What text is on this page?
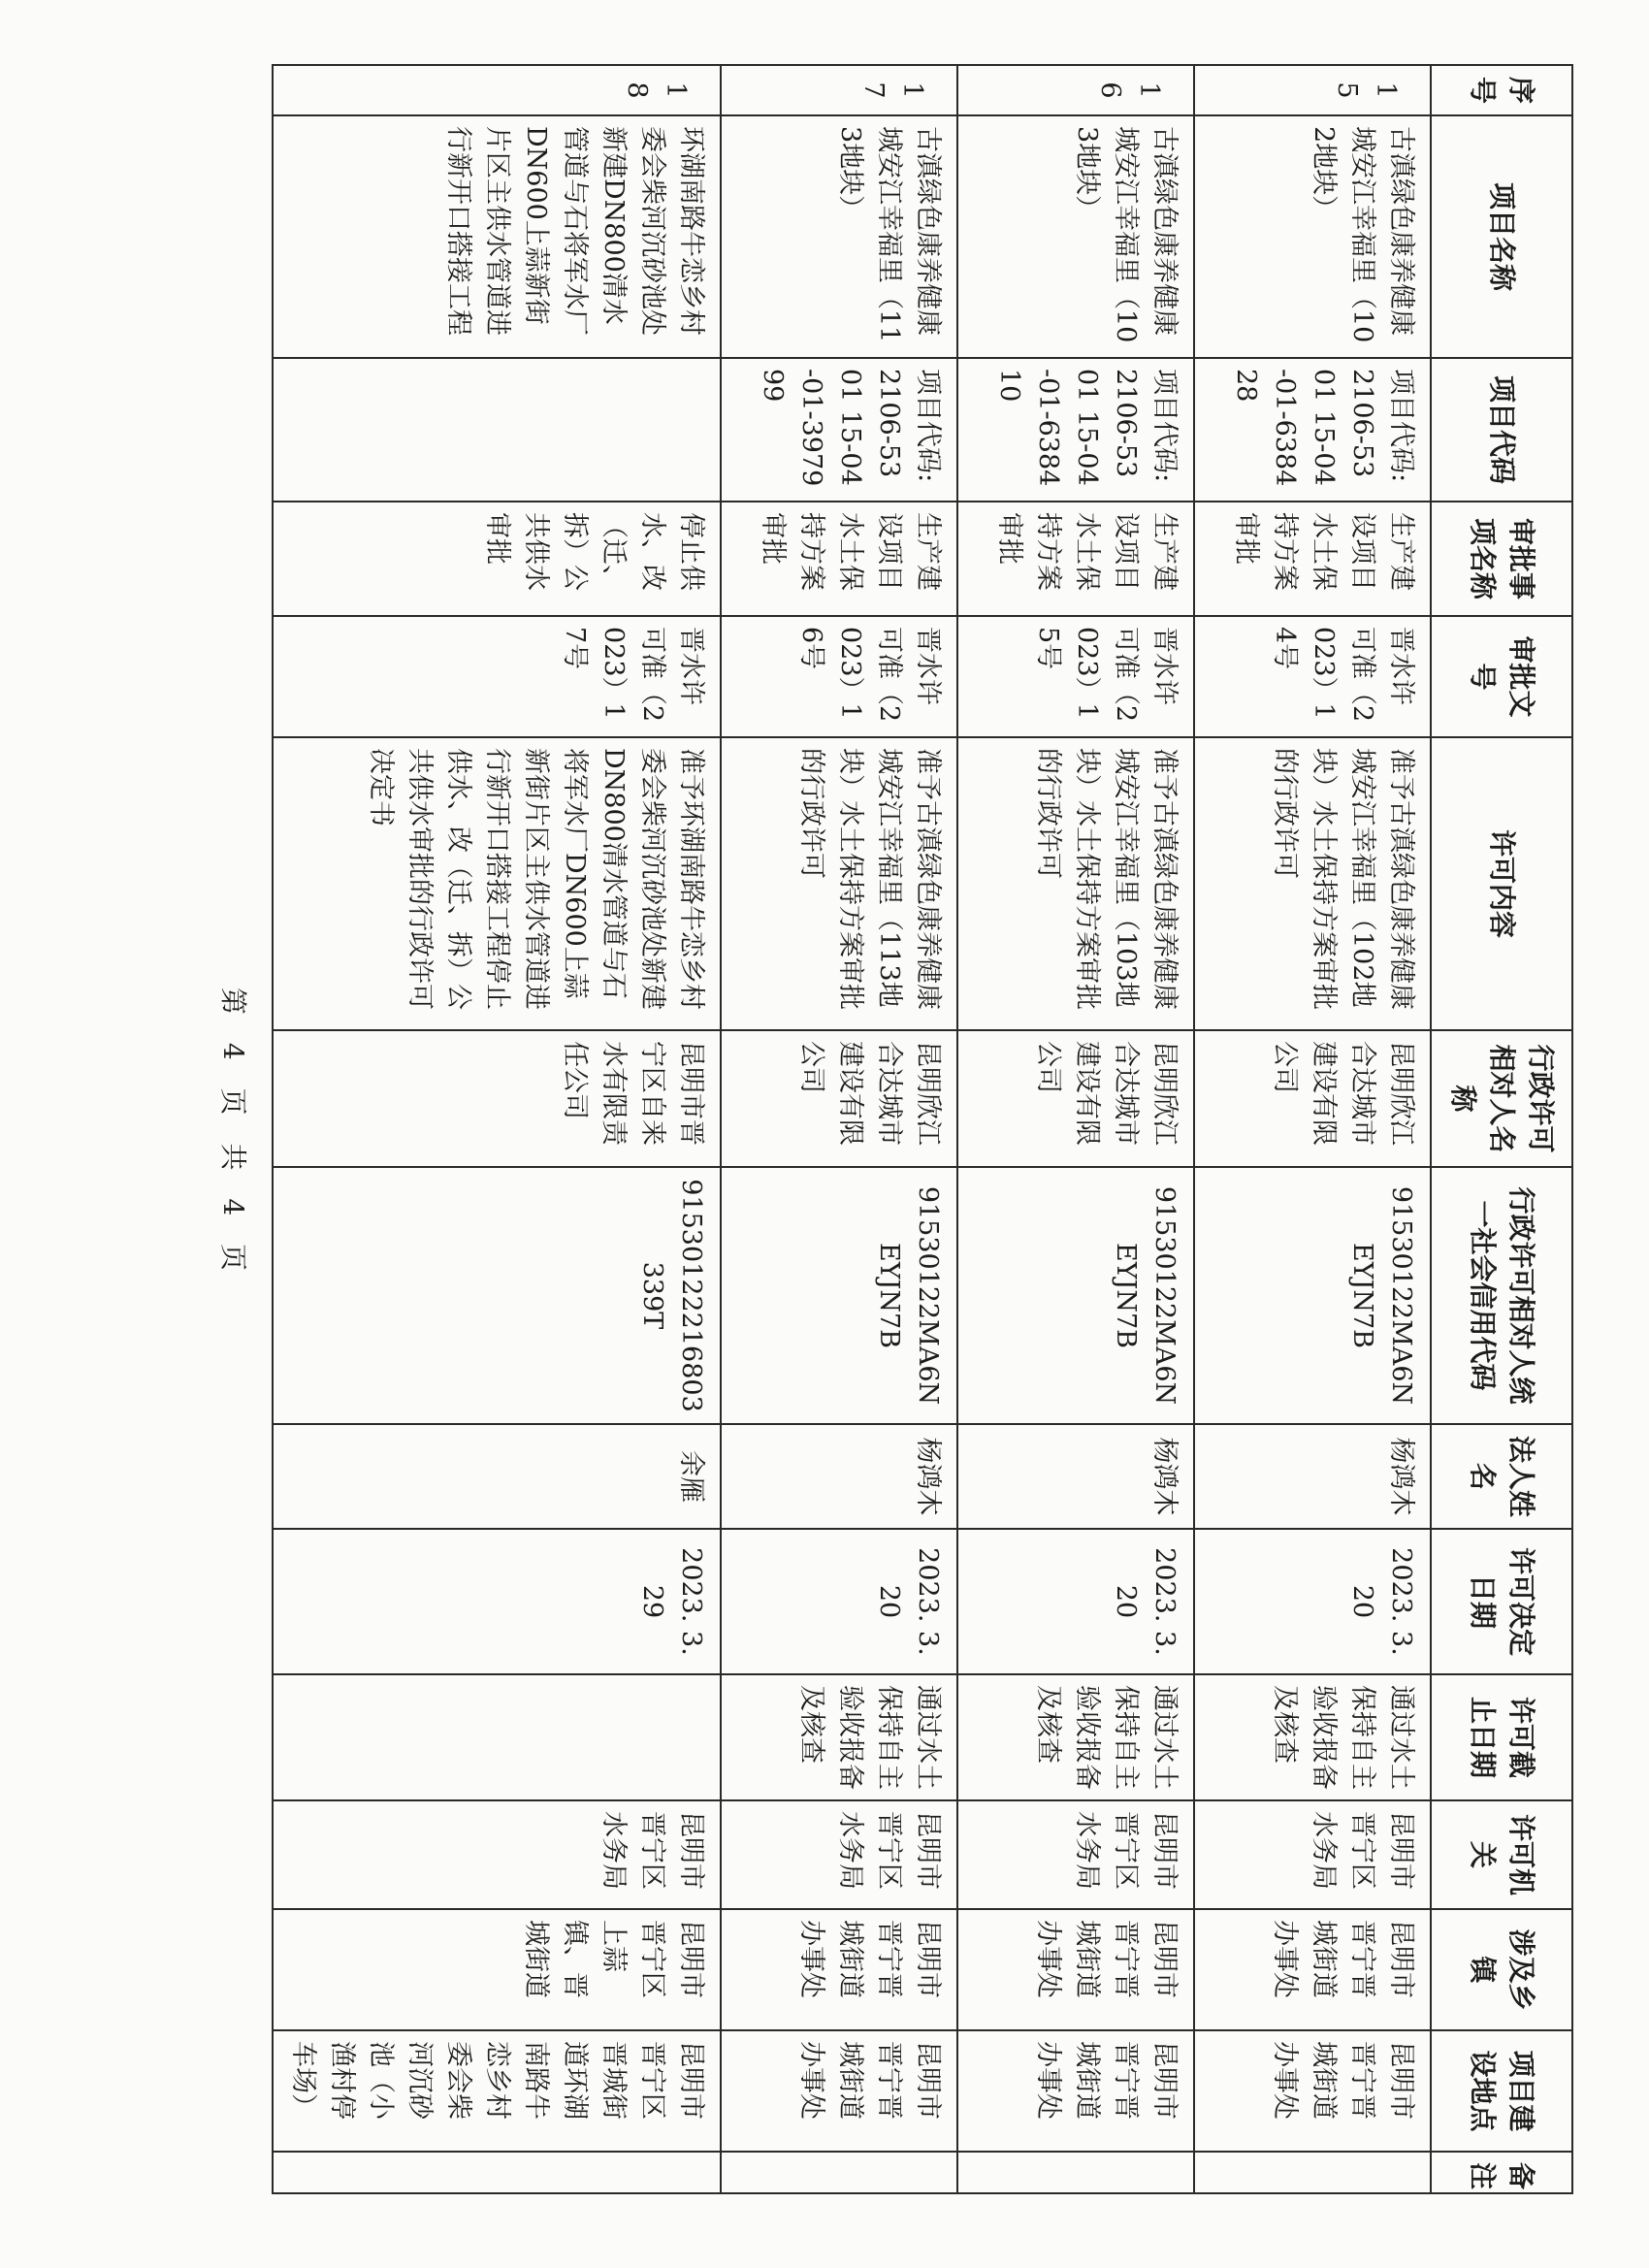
序号	项目名称	项目代码	审批事项名称	审批文号	许可内容	行政许可相对人名称	行政许可相对人统一社会信用代码	法人姓名	许可决定日期	许可截止日期	许可机关	涉及乡镇	项目建设地点	备注
15	古滇绿色康养健康城安江幸福里（102地块）	项目代码:2106-5301 15-04-01-638428	生产建设项目水土保持方案审批	晋水许可准（2023）14号	准予古滇绿色康养健康城安江幸福里（102地块）水土保持方案审批的行政许可	昆明欣江合达城市建设有限公司	91530122MA6NEYJN7B	杨鸿木	2023. 3. 20	通过水土保持自主验收报备及核查	昆明市晋宁区水务局	昆明市晋宁晋城街道办事处	昆明市晋宁晋城街道办事处	
16	古滇绿色康养健康城安江幸福里（103地块）	项目代码:2106-5301 15-04-01-638410	生产建设项目水土保持方案审批	晋水许可准（2023）15号	准予古滇绿色康养健康城安江幸福里（103地块）水土保持方案审批的行政许可	昆明欣江合达城市建设有限公司	91530122MA6NEYJN7B	杨鸿木	2023. 3. 20	通过水土保持自主验收报备及核查	昆明市晋宁区水务局	昆明市晋宁晋城街道办事处	昆明市晋宁晋城街道办事处	
17	古滇绿色康养健康城安江幸福里（113地块）	项目代码:2106-5301 15-04-01-397999	生产建设项目水土保持方案审批	晋水许可准（2023）16号	准予古滇绿色康养健康城安江幸福里（113地块）水土保持方案审批的行政许可	昆明欣江合达城市建设有限公司	91530122MA6NEYJN7B	杨鸿木	2023. 3. 20	通过水土保持自主验收报备及核查	昆明市晋宁区水务局	昆明市晋宁晋城街道办事处	昆明市晋宁晋城街道办事处	
18	环湖南路牛恋乡村委会柴河沉砂池处新建DN800清水管道与石将军水厂DN600上蒜新街片区主供水管道进行新开口搭接工程		停止供水、改（迁、拆）公共供水审批	晋水许可准（2023）17号	准予环湖南路牛恋乡村委会柴河沉砂池处新建DN800清水管道与石将军水厂DN600上蒜新街片区主供水管道进行新开口搭接工程停止供水、改（迁、拆）公共供水审批的行政许可决定书	昆明市晋宁区自来水有限责任公司	91530122216803339T	余雁	2023. 3. 29		昆明市晋宁区水务局	昆明市晋宁区上蒜镇、晋城街道	昆明市晋宁区晋城街道环湖南路牛恋乡村委会柴河沉砂池（小渔村停车场）	
第 4 页 共 4 页
